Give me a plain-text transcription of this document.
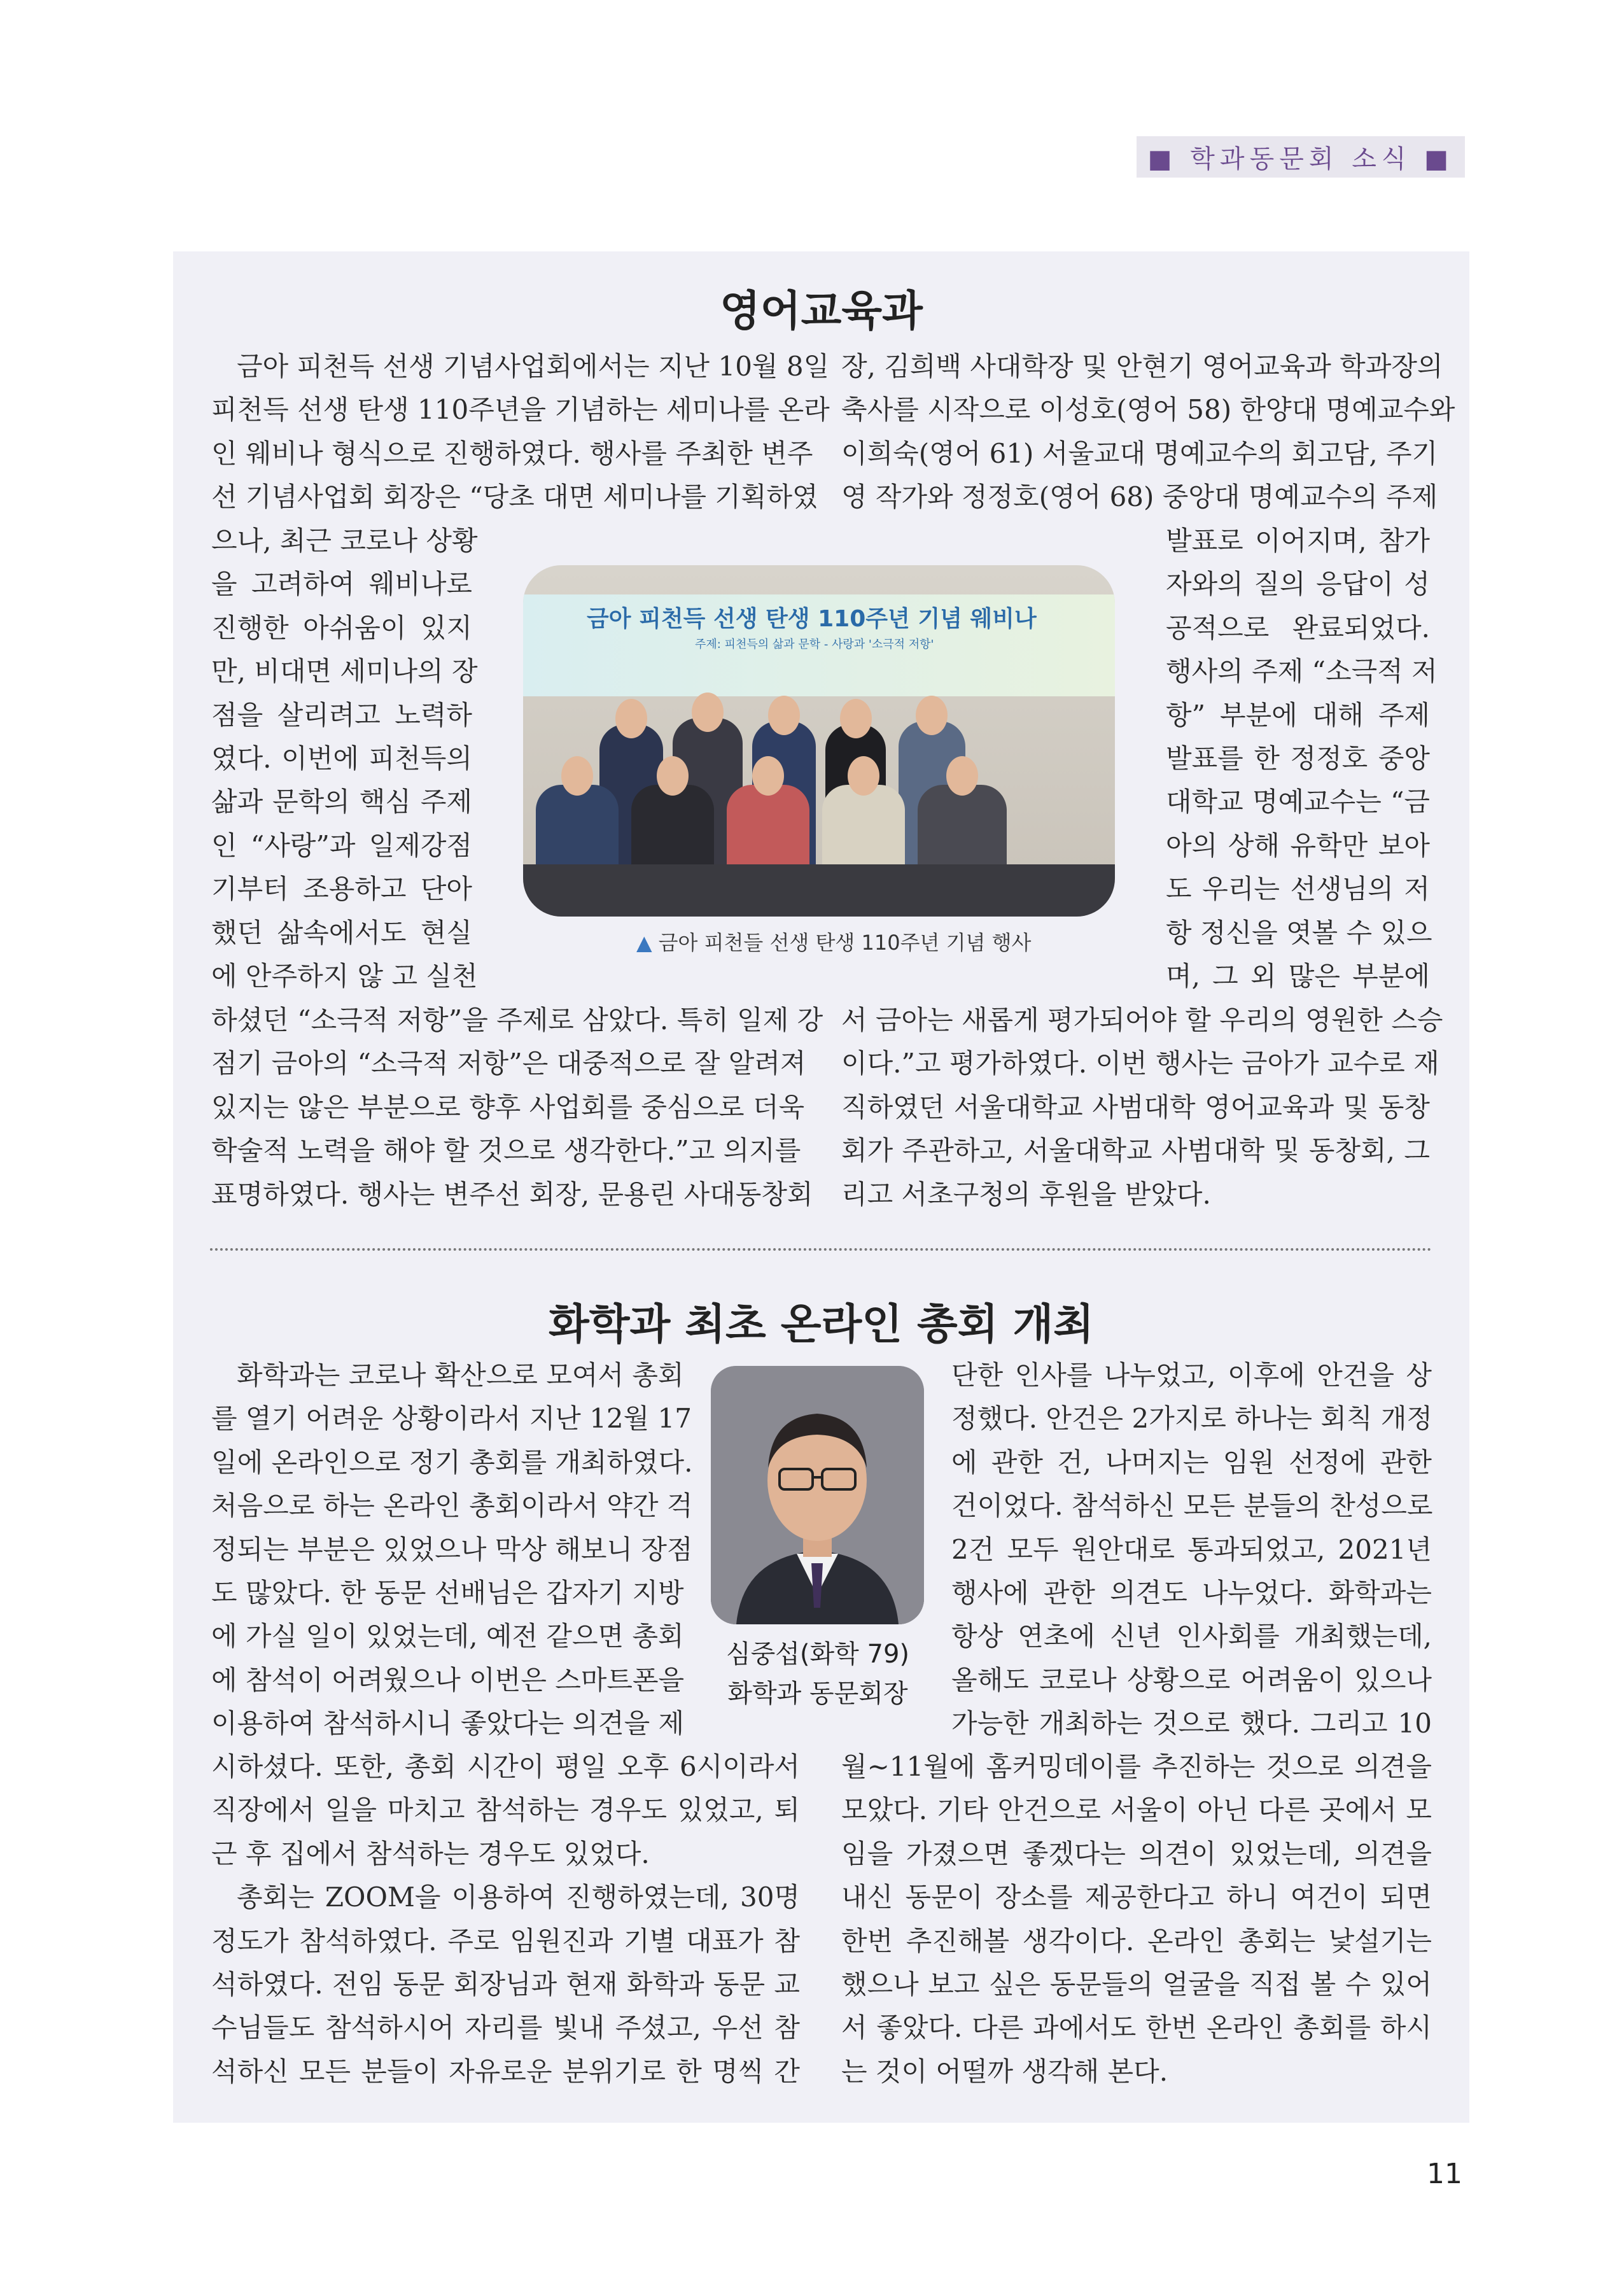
■ 학과동문회 소식 ■
영어교육과
금아 피천득 선생 기념사업회에서는 지난 10월 8일
피천득 선생 탄생 110주년을 기념하는 세미나를 온라
인 웨비나 형식으로 진행하였다. 행사를 주최한 변주
선 기념사업회 회장은 “당초 대면 세미나를 기획하였
으나, 최근 코로나 상황
을 고려하여 웨비나로
진행한 아쉬움이 있지
만, 비대면 세미나의 장
점을 살리려고 노력하
였다. 이번에 피천득의
삶과 문학의 핵심 주제
인 “사랑”과 일제강점
기부터 조용하고 단아
했던 삶속에서도 현실
에 안주하지 않 고 실천
하셨던 “소극적 저항”을 주제로 삼았다. 특히 일제 강
점기 금아의 “소극적 저항”은 대중적으로 잘 알려져
있지는 않은 부분으로 향후 사업회를 중심으로 더욱
학술적 노력을 해야 할 것으로 생각한다.”고 의지를
표명하였다. 행사는 변주선 회장, 문용린 사대동창회
장, 김희백 사대학장 및 안현기 영어교육과 학과장의
축사를 시작으로 이성호(영어 58) 한양대 명예교수와
이희숙(영어 61) 서울교대 명예교수의 회고담, 주기
영 작가와 정정호(영어 68) 중앙대 명예교수의 주제
발표로 이어지며, 참가
자와의 질의 응답이 성
공적으로 완료되었다.
행사의 주제 “소극적 저
항” 부분에 대해 주제
발표를 한 정정호 중앙
대학교 명예교수는 “금
아의 상해 유학만 보아
도 우리는 선생님의 저
항 정신을 엿볼 수 있으
며, 그 외 많은 부분에
서 금아는 새롭게 평가되어야 할 우리의 영원한 스승
이다.”고 평가하였다. 이번 행사는 금아가 교수로 재
직하였던 서울대학교 사범대학 영어교육과 및 동창
회가 주관하고, 서울대학교 사범대학 및 동창회, 그
리고 서초구청의 후원을 받았다.
화학과 최초 온라인 총회 개최
화학과는 코로나 확산으로 모여서 총회
를 열기 어려운 상황이라서 지난 12월 17
일에 온라인으로 정기 총회를 개최하였다.
처음으로 하는 온라인 총회이라서 약간 걱
정되는 부분은 있었으나 막상 해보니 장점
도 많았다. 한 동문 선배님은 갑자기 지방
에 가실 일이 있었는데, 예전 같으면 총회
에 참석이 어려웠으나 이번은 스마트폰을
이용하여 참석하시니 좋았다는 의견을 제
시하셨다. 또한, 총회 시간이 평일 오후 6시이라서
직장에서 일을 마치고 참석하는 경우도 있었고, 퇴
근 후 집에서 참석하는 경우도 있었다.
총회는 ZOOM을 이용하여 진행하였는데, 30명
정도가 참석하였다. 주로 임원진과 기별 대표가 참
석하였다. 전임 동문 회장님과 현재 화학과 동문 교
수님들도 참석하시어 자리를 빛내 주셨고, 우선 참
석하신 모든 분들이 자유로운 분위기로 한 명씩 간
단한 인사를 나누었고, 이후에 안건을 상
정했다. 안건은 2가지로 하나는 회칙 개정
에 관한 건, 나머지는 임원 선정에 관한
건이었다. 참석하신 모든 분들의 찬성으로
2건 모두 원안대로 통과되었고, 2021년
행사에 관한 의견도 나누었다. 화학과는
항상 연초에 신년 인사회를 개최했는데,
올해도 코로나 상황으로 어려움이 있으나
가능한 개최하는 것으로 했다. 그리고 10
월~11월에 홈커밍데이를 추진하는 것으로 의견을
모았다. 기타 안건으로 서울이 아닌 다른 곳에서 모
임을 가졌으면 좋겠다는 의견이 있었는데, 의견을
내신 동문이 장소를 제공한다고 하니 여건이 되면
한번 추진해볼 생각이다. 온라인 총회는 낯설기는
했으나 보고 싶은 동문들의 얼굴을 직접 볼 수 있어
서 좋았다. 다른 과에서도 한번 온라인 총회를 하시
는 것이 어떨까 생각해 본다.
금아 피천득 선생 탄생 110주년 기념 웨비나
주제: 피천득의 삶과 문학 - 사랑과 '소극적 저항'
▲ 금아 피천들 선생 탄생 110주년 기념 행사
심중섭(화학 79)
화학과 동문회장
11
